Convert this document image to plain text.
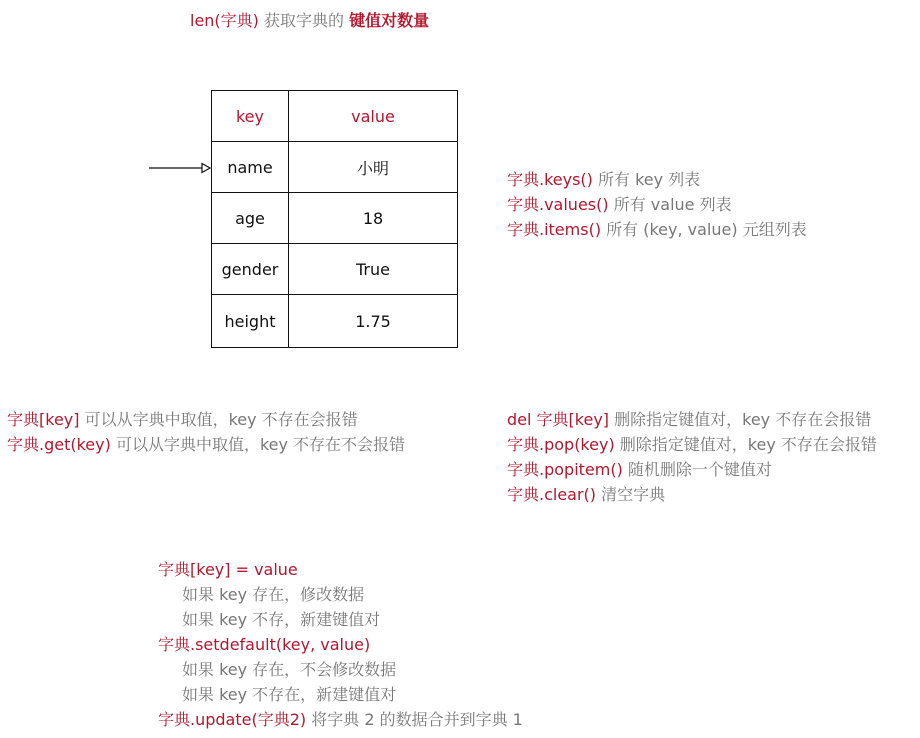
len(字典) 获取字典的 键值对数量
key	value
name	小明
age	18
gender	True
height	1.75
字典.keys() 所有 key 列表
字典.values() 所有 value 列表
字典.items() 所有 (key, value) 元组列表
字典[key] 可以从字典中取值，key 不存在会报错
字典.get(key) 可以从字典中取值，key 不存在不会报错
del 字典[key] 删除指定键值对，key 不存在会报错
字典.pop(key) 删除指定键值对，key 不存在会报错
字典.popitem() 随机删除一个键值对
字典.clear() 清空字典
字典[key] = value
如果 key 存在，修改数据
如果 key 不存，新建键值对
字典.setdefault(key, value)
如果 key 存在，不会修改数据
如果 key 不存在，新建键值对
字典.update(字典2) 将字典 2 的数据合并到字典 1
